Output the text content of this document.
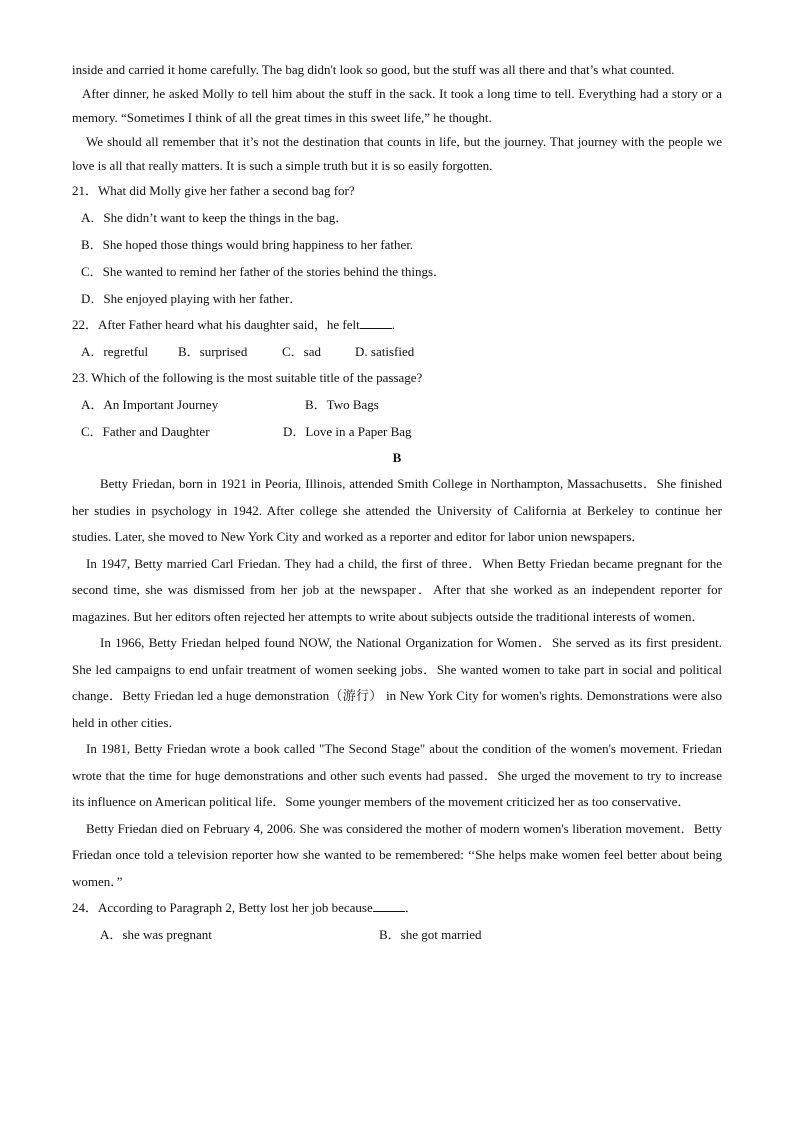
inside and carried it home carefully. The bag didn't look so good, but the stuff was all there and that’s what counted.

After dinner, he asked Molly to tell him about the stuff in the sack. It took a long time to tell. Everything had a story or a memory. “Sometimes I think of all the great times in this sweet life,” he thought.

We should all remember that it’s not the destination that counts in life, but the journey. That journey with the people we love is all that really matters. It is such a simple truth but it is so easily forgotten.

21．What did Molly give her father a second bag for?

A．She didn’t want to keep the things in the bag．

B．She hoped those things would bring happiness to her father.

C．She wanted to remind her father of the stories behind the things．

D．She enjoyed playing with her father．

22．After Father heard what his daughter said，he felt .

A．regretful	B．surprised	C．sad	D. satisfied

23. Which of the following is the most suitable title of the passage?

A．An Important Journey	B．Two Bags
C．Father and Daughter	D．Love in a Paper Bag

B

Betty Friedan, born in 1921 in Peoria, Illinois, attended Smith College in Northampton, Massachusetts．She finished her studies in psychology in 1942. After college she attended the University of California at Berkeley to continue her studies. Later, she moved to New York City and worked as a reporter and editor for labor union newspapers．

In 1947, Betty married Carl Friedan. They had a child, the first of three．When Betty Friedan became pregnant for the second time, she was dismissed from her job at the newspaper．After that she worked as an independent reporter for magazines. But her editors often rejected her attempts to write about subjects outside the traditional interests of women．

In 1966, Betty Friedan helped found NOW, the National Organization for Women．She served as its first president. She led campaigns to end unfair treatment of women seeking jobs．She wanted women to take part in social and political change．Betty Friedan led a huge demonstration（游行） in New York City for women's rights. Demonstrations were also held in other cities．

In 1981, Betty Friedan wrote a book called "The Second Stage" about the condition of the women's movement. Friedan wrote that the time for huge demonstrations and other such events had passed．She urged the movement to try to increase its influence on American political life．Some younger members of the movement criticized her as too conservative．

Betty Friedan died on February 4, 2006. She was considered the mother of modern women's liberation movement．Betty Friedan once told a television reporter how she wanted to be remembered: ‘‘She helps make women feel better about being women．”

24．According to Paragraph 2, Betty lost her job because ．

A．she was pregnant	B．she got married
